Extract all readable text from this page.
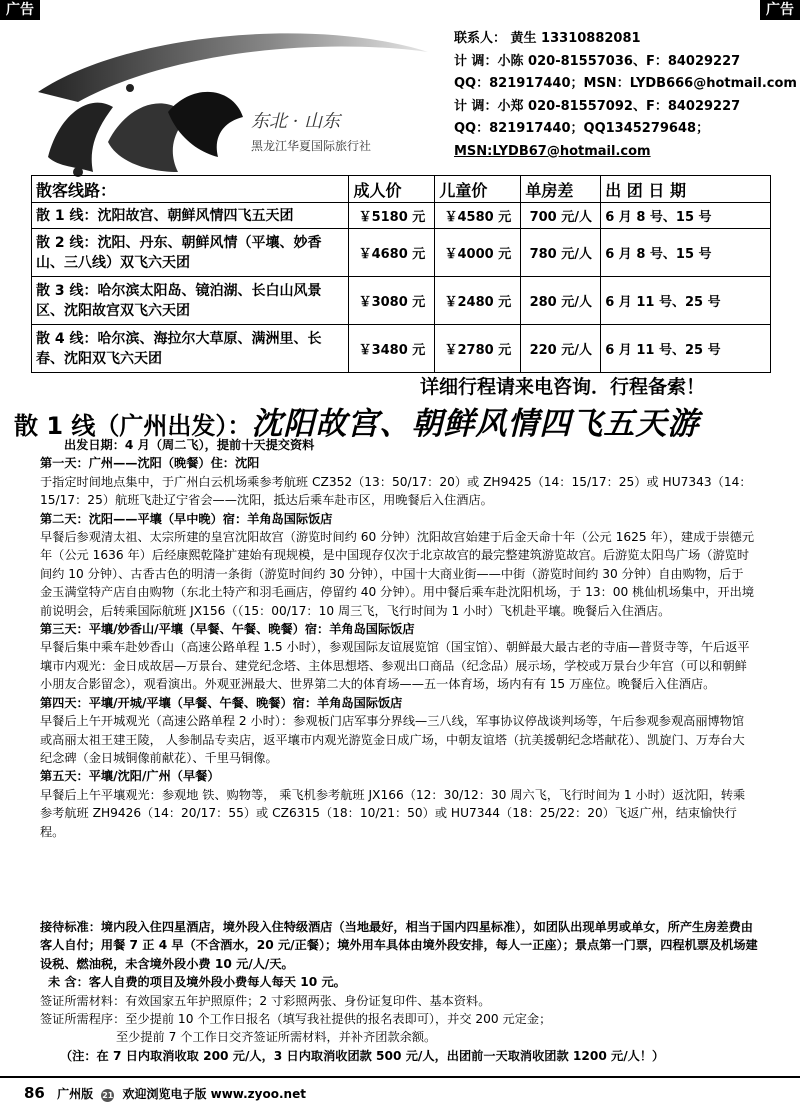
广告	广告
东北 · 山东
黑龙江华夏国际旅行社
联系人： 黄生 13310882081
计 调：小陈 020-81557036、F：84029227
QQ：821917440；MSN：LYDB666@hotmail.com
计 调：小郑 020-81557092、F：84029227
QQ：821917440；QQ1345279648；
MSN:LYDB67@hotmail.com
散客线路：	成人价	儿童价	单房差	出 团 日 期
散 1 线：沈阳故宫、朝鲜风情四飞五天团	￥5180 元	￥4580 元	700 元/人	6 月 8 号、15 号
散 2 线：沈阳、丹东、朝鲜风情（平壤、妙香山、三八线）双飞六天团	￥4680 元	￥4000 元	780 元/人	6 月 8 号、15 号
散 3 线：哈尔滨太阳岛、镜泊湖、长白山风景区、沈阳故宫双飞六天团	￥3080 元	￥2480 元	280 元/人	6 月 11 号、25 号
散 4 线：哈尔滨、海拉尔大草原、满洲里、长春、沈阳双飞六天团	￥3480 元	￥2780 元	220 元/人	6 月 11 号、25 号
详细行程请来电咨询．行程备索！
散 1 线（广州出发）：沈阳故宫、朝鲜风情四飞五天游

出发日期：4 月（周二飞），提前十天提交资料

第一天：广州——沈阳（晚餐）住：沈阳

于指定时间地点集中，于广州白云机场乘参考航班 CZ352（13：50/17：20）或 ZH9425（14：15/17：25）或 HU7343（14：15/17：25）航班飞赴辽宁省会——沈阳，抵达后乘车赴市区，用晚餐后入住酒店。

第二天：沈阳——平壤（早中晚）宿：羊角岛国际饭店

早餐后参观清太祖、太宗所建的皇宫沈阳故宫（游览时间约 60 分钟）沈阳故宫始建于后金天命十年（公元 1625 年），建成于崇德元年（公元 1636 年）后经康熙乾隆扩建始有现规模，是中国现存仅次于北京故宫的最完整建筑游览故宫。后游览太阳鸟广场（游览时间约 10 分钟）、古香古色的明清一条街（游览时间约 30 分钟），中国十大商业街——中街（游览时间约 30 分钟）自由购物，后于金玉满堂特产店自由购物（东北土特产和羽毛画店，停留约 40 分钟）。用中餐后乘车赴沈阳机场，于 13：00 桃仙机场集中，开出境前说明会，后转乘国际航班 JX156（（15：00/17：10 周三飞，飞行时间为 1 小时）飞机赴平壤。晚餐后入住酒店。

第三天：平壤/妙香山/平壤（早餐、午餐、晚餐）宿：羊角岛国际饭店

早餐后集中乘车赴妙香山（高速公路单程 1.5 小时），参观国际友谊展览馆（国宝馆）、朝鲜最大最古老的寺庙—普贤寺等，午后返平壤市内观光：金日成故居—万景台、建党纪念塔、主体思想塔、参观出口商品（纪念品）展示场，学校或万景台少年宫（可以和朝鲜小朋友合影留念），观看演出。外观亚洲最大、世界第二大的体育场——五一体育场，场内有有 15 万座位。晚餐后入住酒店。

第四天：平壤/开城/平壤（早餐、午餐、晚餐）宿：羊角岛国际饭店

早餐后上午开城观光（高速公路单程 2 小时）：参观板门店军事分界线—三八线，军事协议停战谈判场等，午后参观参观高丽博物馆或高丽太祖王建王陵， 人参制品专卖店，返平壤市内观光游览金日成广场，中朝友谊塔（抗美援朝纪念塔献花）、凯旋门、万寿台大纪念碑（金日城铜像前献花）、千里马铜像。

第五天：平壤/沈阳/广州（早餐）

早餐后上午平壤观光：参观地 铁、购物等， 乘飞机参考航班 JX166（12：30/12：30 周六飞，飞行时间为 1 小时）返沈阳，转乘参考航班 ZH9426（14：20/17：55）或 CZ6315（18：10/21：50）或 HU7344（18：25/22：20）飞返广州，结束愉快行程。

接待标准：境内段入住四星酒店，境外段入住特级酒店（当地最好，相当于国内四星标准），如团队出现单男或单女，所产生房差费由客人自付；用餐 7 正 4 早（不含酒水，20 元/正餐）；境外用车具体由境外段安排，每人一正座）；景点第一门票，四程机票及机场建设税、燃油税，未含境外段小费 10 元/人/天。

未 含：客人自费的项目及境外段小费每人每天 10 元。

签证所需材料：有效国家五年护照原件；2 寸彩照两张、身份证复印件、基本资料。

签证所需程序：至少提前 10 个工作日报名（填写我社提供的报名表即可），并交 200 元定金；

至少提前 7 个工作日交齐签证所需材料，并补齐团款余额。

（注：在 7 日内取消收取 200 元/人，3 日内取消收团款 500 元/人，出团前一天取消收团款 1200 元/人！）

86 广州版 21 欢迎浏览电子版 www.zyoo.net
